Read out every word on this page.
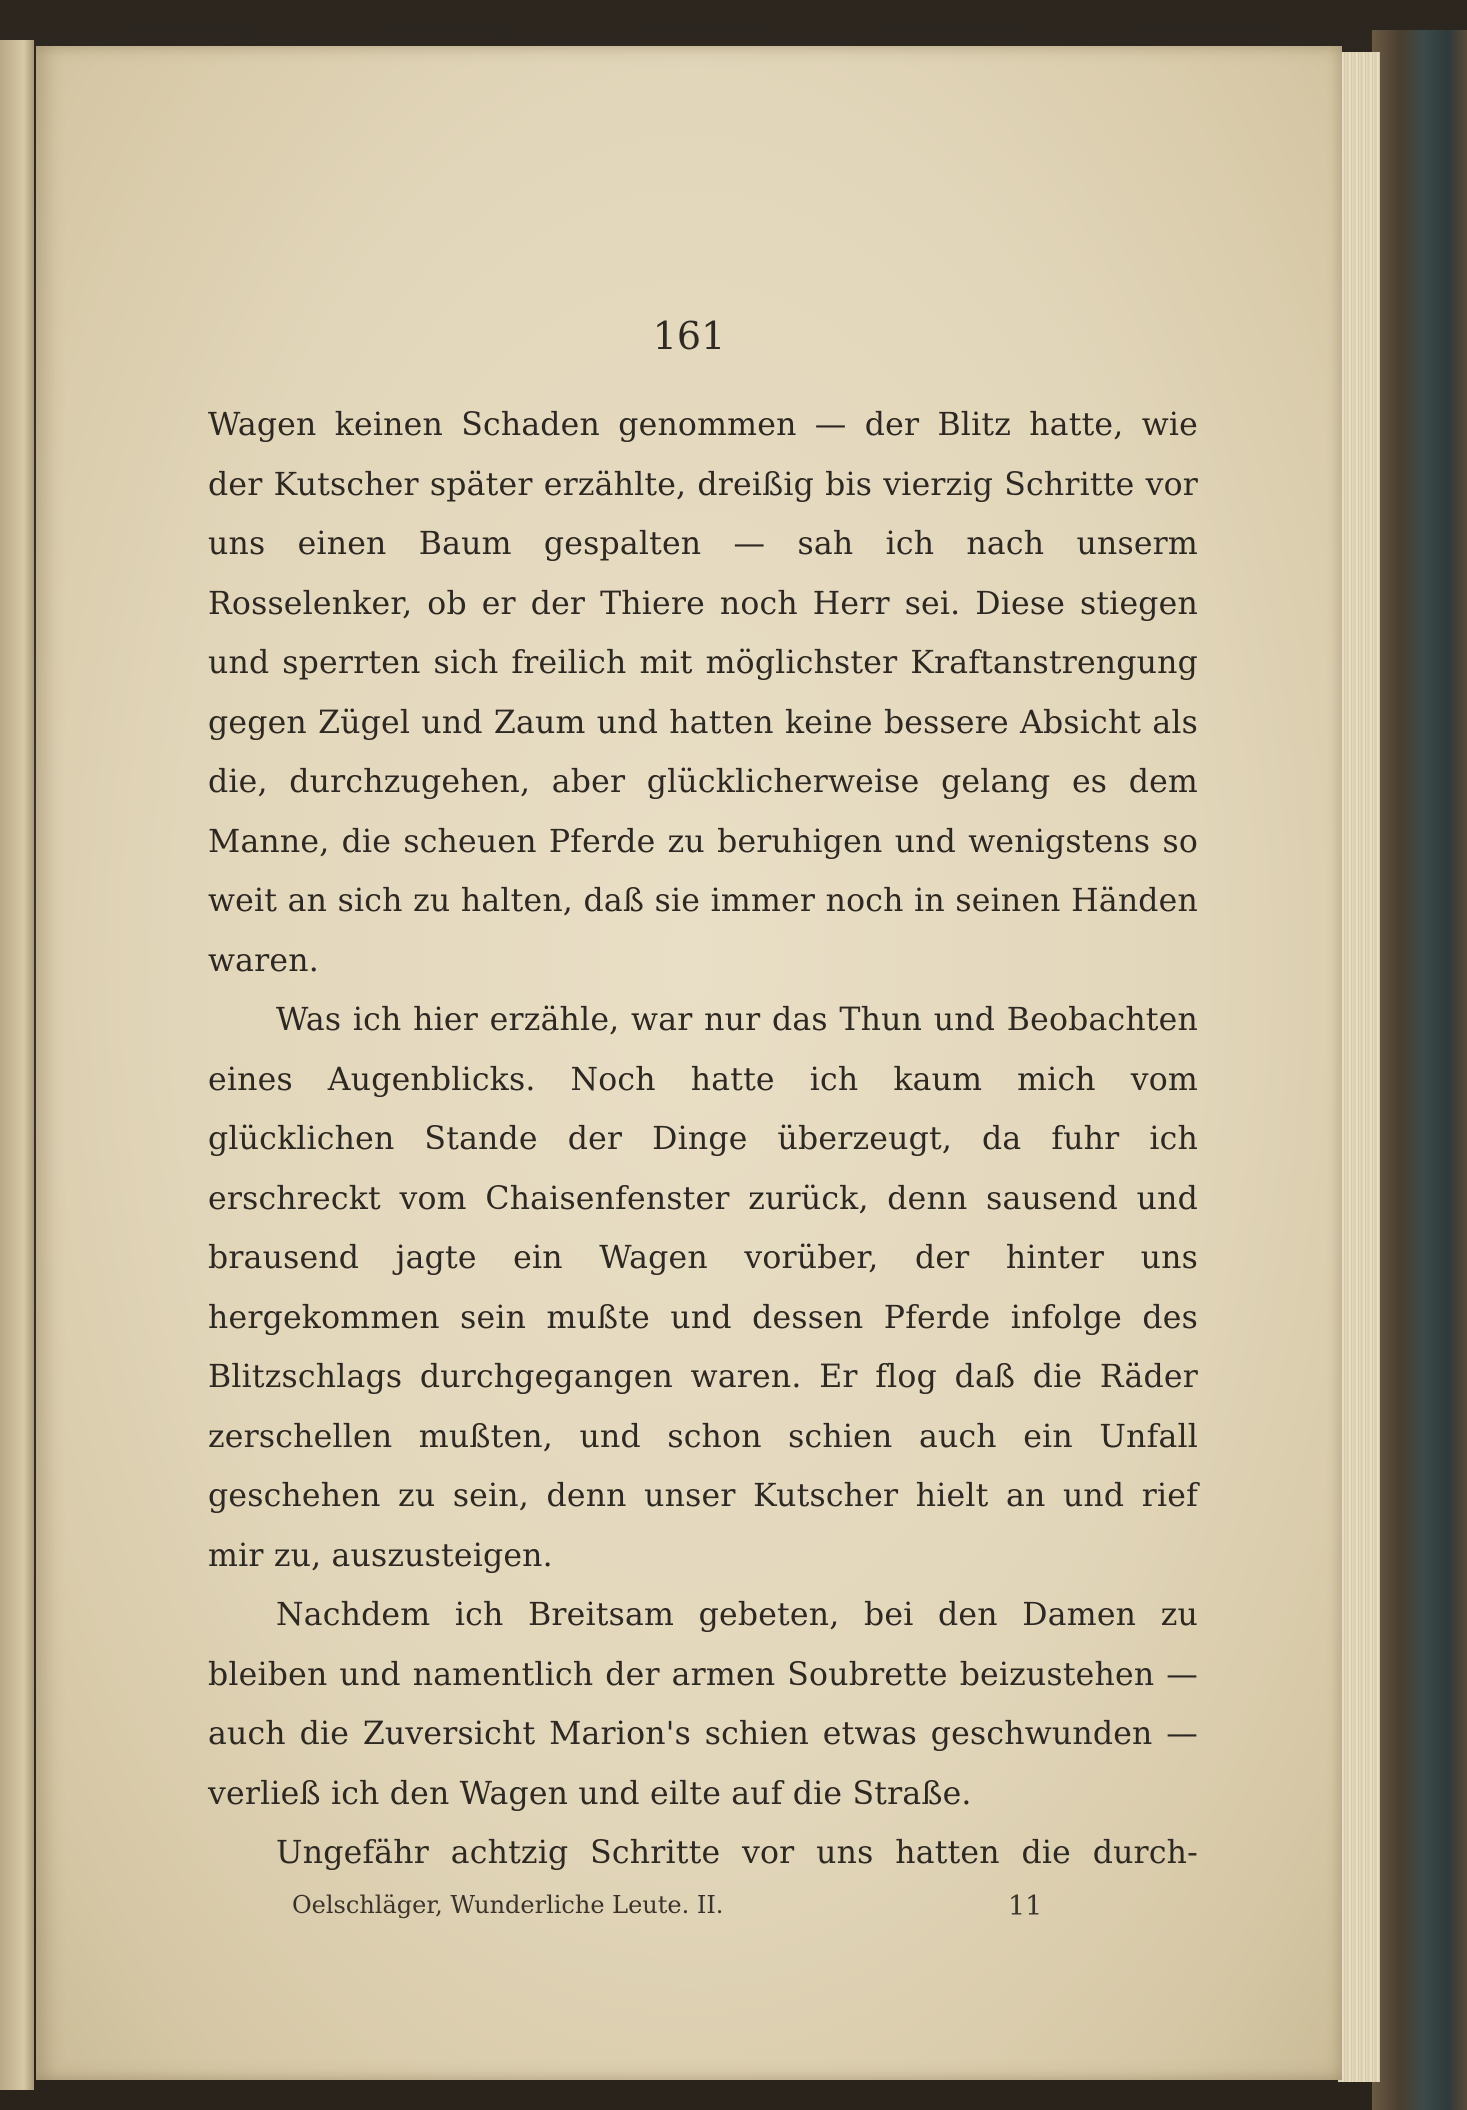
161

Wagen keinen Schaden genommen — der Blitz hatte, wie der Kutscher später erzählte, dreißig bis vierzig Schritte vor uns einen Baum gespalten — sah ich nach unserm Rosselenker, ob er der Thiere noch Herr sei. Diese stiegen und sperrten sich freilich mit möglichster Kraftanstrengung gegen Zügel und Zaum und hatten keine bessere Absicht als die, durchzugehen, aber glücklicherweise gelang es dem Manne, die scheuen Pferde zu beruhigen und wenigstens so weit an sich zu halten, daß sie immer noch in seinen Händen waren.

Was ich hier erzähle, war nur das Thun und Beobachten eines Augenblicks. Noch hatte ich kaum mich vom glücklichen Stande der Dinge überzeugt, da fuhr ich erschreckt vom Chaisenfenster zurück, denn sausend und brausend jagte ein Wagen vorüber, der hinter uns hergekommen sein mußte und dessen Pferde infolge des Blitzschlags durchgegangen waren. Er flog daß die Räder zerschellen mußten, und schon schien auch ein Unfall geschehen zu sein, denn unser Kutscher hielt an und rief mir zu, auszusteigen.

Nachdem ich Breitsam gebeten, bei den Damen zu bleiben und namentlich der armen Soubrette beizustehen — auch die Zuversicht Marion's schien etwas geschwunden — verließ ich den Wagen und eilte auf die Straße.

Ungefähr achtzig Schritte vor uns hatten die durch-

Oelschläger, Wunderliche Leute. II.	11
